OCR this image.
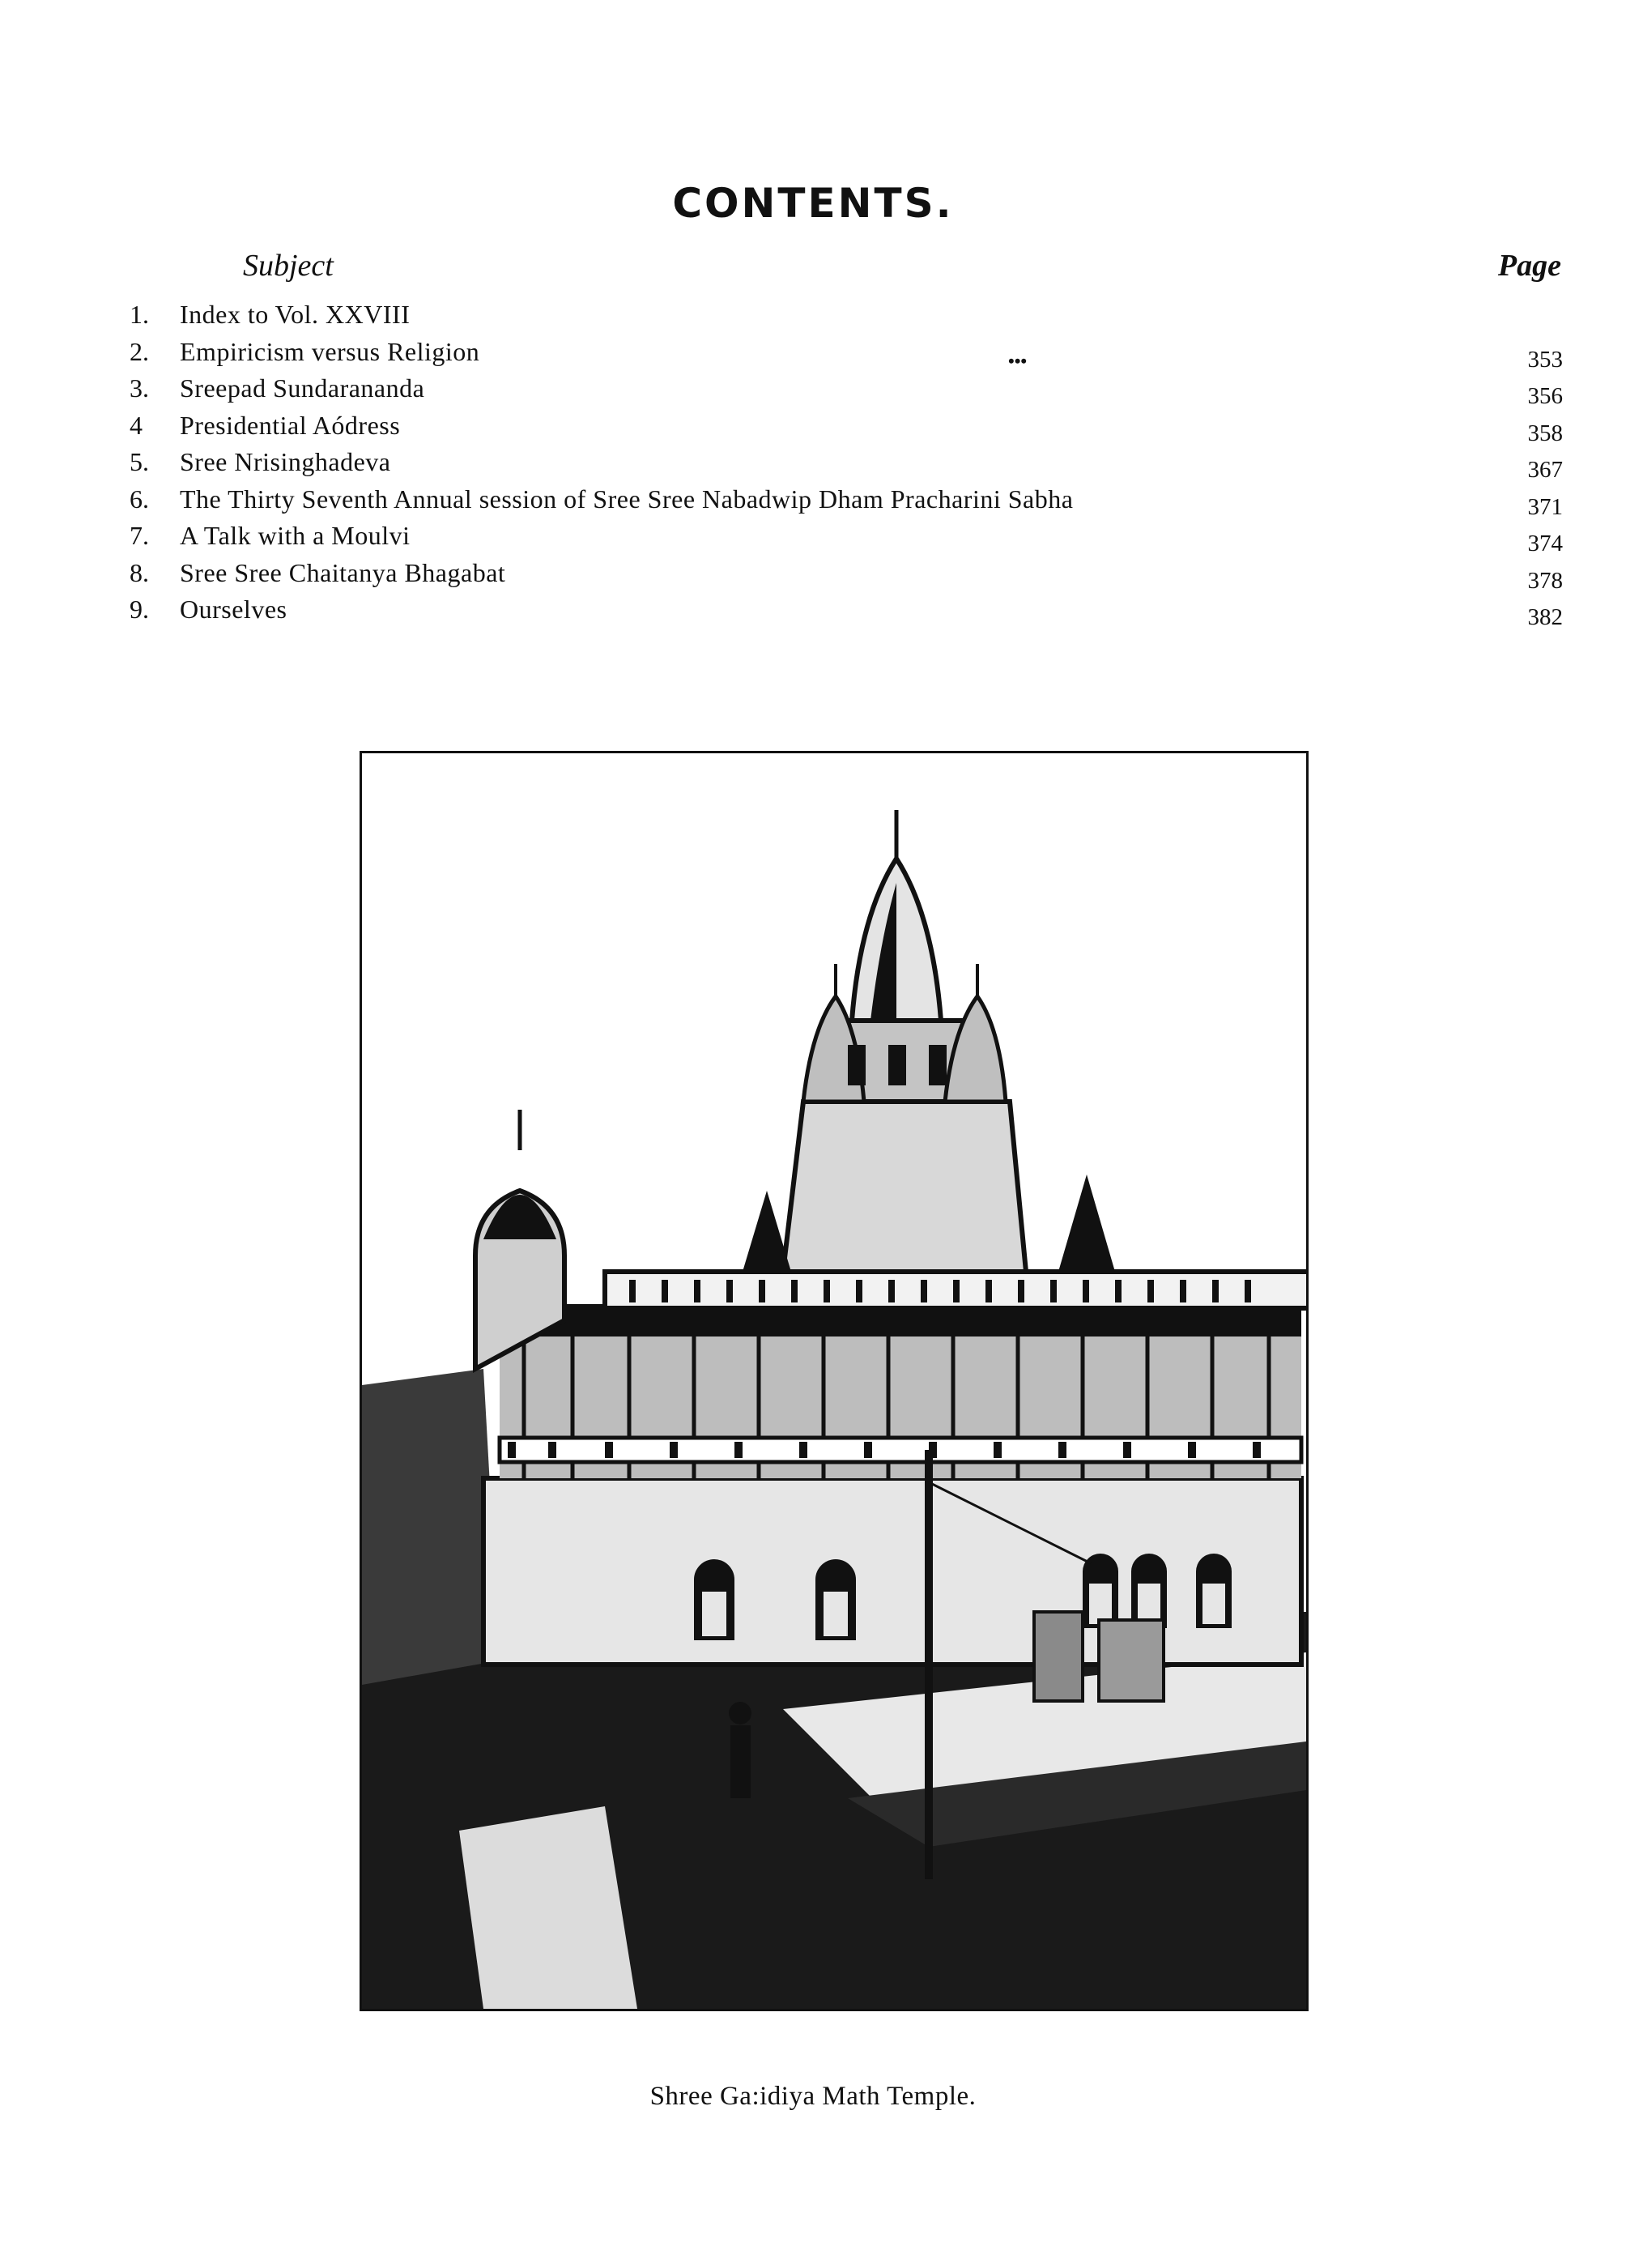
CONTENTS.
Subject	Page
1.	Index to Vol. XXVIII
2.	Empiricism versus Religion	•••	353
3.	Sreepad Sundarananda	356
4	Presidential Aódress	358
5.	Sree Nrisinghadeva	367
6.	The Thirty Seventh Annual session of Sree Sree Nabadwip Dham Pracharini Sabha	371
7.	A Talk with a Moulvi	374
8.	Sree Sree Chaitanya Bhagabat	378
9.	Ourselves	382
Shree Ga:idiya Math Temple.
